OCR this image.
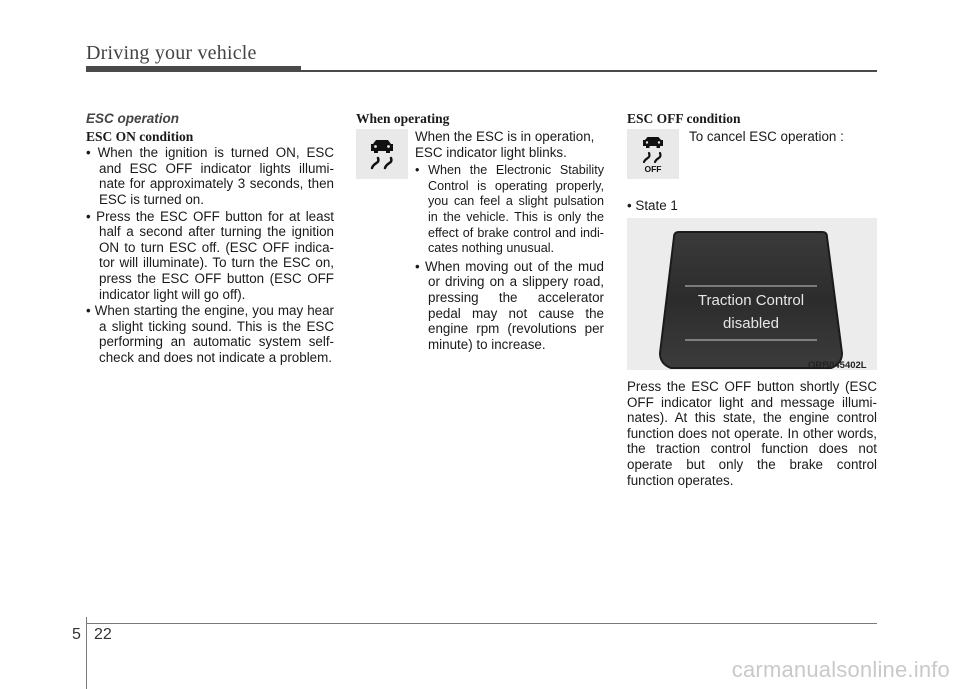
Driving your vehicle

ESC operation

ESC ON condition

• When the ignition is turned ON, ESC and ESC OFF indicator lights illumi-nate for approximately 3 seconds, then ESC is turned on.

• Press the ESC OFF button for at least half a second after turning the ignition ON to turn ESC off. (ESC OFF indica-tor will illuminate). To turn the ESC on, press the ESC OFF button (ESC OFF indicator light will go off).

• When starting the engine, you may hear a slight ticking sound. This is the ESC performing an automatic system self-check and does not indicate a problem.

When operating

When the ESC is in operation, ESC indicator light blinks.

• When the Electronic Stability Control is operating properly, you can feel a slight pulsation in the vehicle. This is only the effect of brake control and indi-cates nothing unusual.

• When moving out of the mud or driving on a slippery road, pressing the accelerator pedal may not cause the engine rpm (revolutions per minute) to increase.

ESC OFF condition
OFF
To cancel ESC operation :
• State 1
Traction Control
disabled
ORB045402L

Press the ESC OFF button shortly (ESC OFF indicator light and message illumi-nates). At this state, the engine control function does not operate. In other words, the traction control function does not operate but only the brake control function operates.

5 22
carmanualsonline.info
